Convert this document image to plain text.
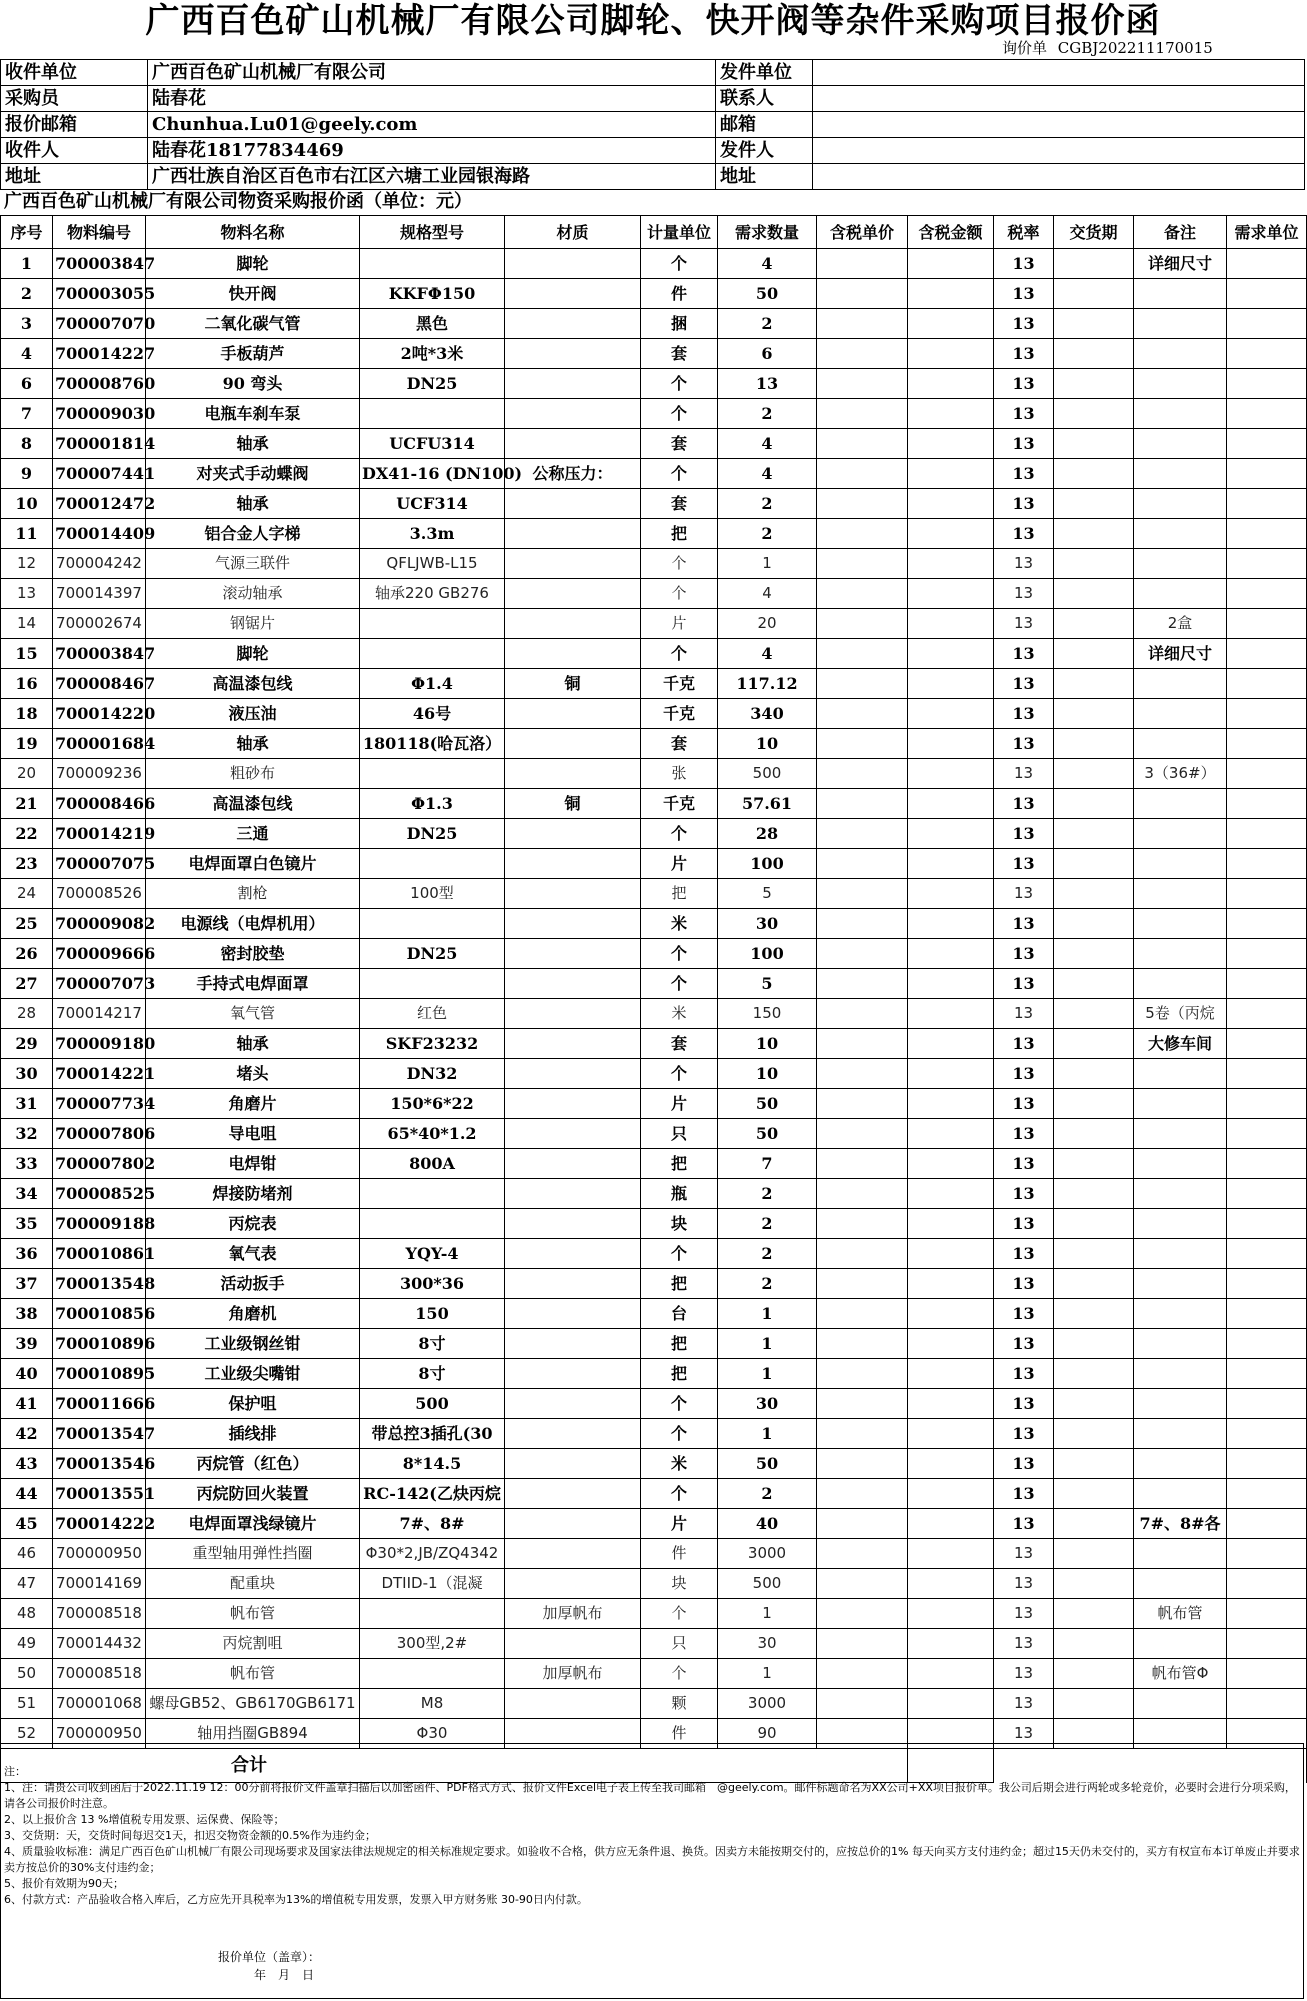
广西百色矿山机械厂有限公司脚轮、快开阀等杂件采购项目报价函
询价单 CGBJ202211170015
收件单位	广西百色矿山机械厂有限公司	发件单位	
采购员	陆春花	联系人	
报价邮箱	Chunhua.Lu01@geely.com	邮箱	
收件人	陆春花18177834469	发件人	
地址	广西壮族自治区百色市右江区六塘工业园银海路	地址	
广西百色矿山机械厂有限公司物资采购报价函（单位：元）
序号	物料编号	物料名称	规格型号	材质	计量单位	需求数量	含税单价	含税金额	税率	交货期	备注	需求单位
1	700003847	脚轮			个	4			13		详细尺寸	
2	700003055	快开阀	KKFΦ150		件	50			13			
3	700007070	二氧化碳气管	黑色		捆	2			13			
4	700014227	手板葫芦	2吨*3米		套	6			13			
6	700008760	90 弯头	DN25		个	13			13			
7	700009030	电瓶车刹车泵			个	2			13			
8	700001814	轴承	UCFU314		套	4			13			
9	700007441	对夹式手动蝶阀	DX41-16 (DN100)	公称压力：	个	4			13			
10	700012472	轴承	UCF314		套	2			13			
11	700014409	铝合金人字梯	3.3m		把	2			13			
12	700004242	气源三联件	QFLJWB-L15		个	1			13			
13	700014397	滚动轴承	轴承220 GB276		个	4			13			
14	700002674	钢锯片			片	20			13		2盒	
15	700003847	脚轮			个	4			13		详细尺寸	
16	700008467	高温漆包线	Φ1.4	铜	千克	117.12			13			
18	700014220	液压油	46号		千克	340			13			
19	700001684	轴承	180118(哈瓦洛）		套	10			13			
20	700009236	粗砂布			张	500			13		3（36#）	
21	700008466	高温漆包线	Φ1.3	铜	千克	57.61			13			
22	700014219	三通	DN25		个	28			13			
23	700007075	电焊面罩白色镜片			片	100			13			
24	700008526	割枪	100型		把	5			13			
25	700009082	电源线（电焊机用）			米	30			13			
26	700009666	密封胶垫	DN25		个	100			13			
27	700007073	手持式电焊面罩			个	5			13			
28	700014217	氧气管	红色		米	150			13		5卷（丙烷	
29	700009180	轴承	SKF23232		套	10			13		大修车间	
30	700014221	堵头	DN32		个	10			13			
31	700007734	角磨片	150*6*22		片	50			13			
32	700007806	导电咀	65*40*1.2		只	50			13			
33	700007802	电焊钳	800A		把	7			13			
34	700008525	焊接防堵剂			瓶	2			13			
35	700009188	丙烷表			块	2			13			
36	700010861	氧气表	YQY-4		个	2			13			
37	700013548	活动扳手	300*36		把	2			13			
38	700010856	角磨机	150		台	1			13			
39	700010896	工业级钢丝钳	8寸		把	1			13			
40	700010895	工业级尖嘴钳	8寸		把	1			13			
41	700011666	保护咀	500		个	30			13			
42	700013547	插线排	带总控3插孔(30		个	1			13			
43	700013546	丙烷管（红色）	8*14.5		米	50			13			
44	700013551	丙烷防回火装置	RC-142(乙炔丙烷		个	2			13			
45	700014222	电焊面罩浅绿镜片	7#、8#		片	40			13		7#、8#各	
46	700000950	重型轴用弹性挡圈	Φ30*2,JB/ZQ4342		件	3000			13			
47	700014169	配重块	DTIID-1（混凝		块	500			13			
48	700008518	帆布管		加厚帆布	个	1			13		帆布管	
49	700014432	丙烷割咀	300型,2#		只	30			13			
50	700008518	帆布管		加厚帆布	个	1			13		帆布管Φ	
51	700001068	螺母GB52、GB6170GB6171	M8		颗	3000			13			
52	700000950	轴用挡圈GB894	Φ30		件	90			13			
合计												
注：
1、注：请贵公司收到函后于2022.11.19 12：00分前将报价文件盖章扫描后以加密函件、PDF格式方式、报价文件Excel电子表上传至我司邮箱　@geely.com。邮件标题命名为XX公司+XX项目报价单。我公司后期会进行两轮或多轮竞价，必要时会进行分项采购，请各公司报价时注意。
2、以上报价含 13 %增值税专用发票、运保费、保险等；
3、交货期：天，交货时间每迟交1天，扣迟交物资金额的0.5%作为违约金；
4、质量验收标准：满足广西百色矿山机械厂有限公司现场要求及国家法律法规规定的相关标准规定要求。如验收不合格，供方应无条件退、换货。因卖方未能按期交付的，应按总价的1% 每天向买方支付违约金；超过15天仍未交付的，买方有权宣布本订单废止并要求卖方按总价的30%支付违约金；
5、报价有效期为90天；
6、付款方式：产品验收合格入库后，乙方应先开具税率为13%的增值税专用发票，发票入甲方财务账 30-90日内付款。
报价单位（盖章）：
年　月　日
